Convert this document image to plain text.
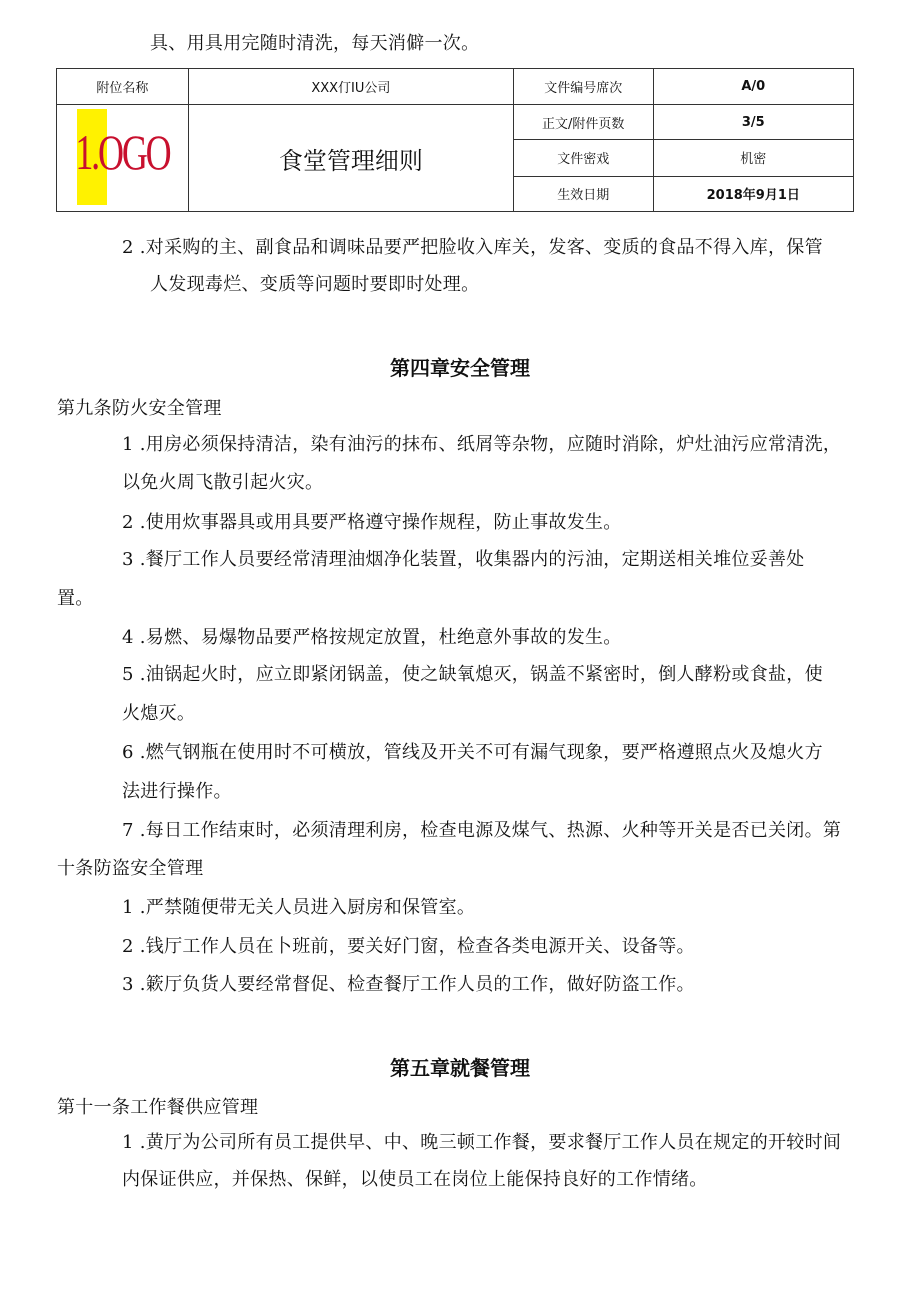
具、用具用完随时清洗，每天消僻一次。
附位名称	XXX仃IU公司	文件编号席次	A/0

1.OGO	食堂管理细则	正文/附件页数	3/5
		文件密戏	机密
		生效日期	2018年9月1日
2 .对采购的主、副食品和调味品要严把脸收入库关，发客、变质的食品不得入库，保管
人发现毒烂、变质等问题时要即时处理。
第四章安全管理
第九条防火安全管理
1 .用房必须保持清洁，染有油污的抹布、纸屑等杂物，应随时消除，炉灶油污应常清洗，
以免火周飞散引起火灾。
2 .使用炊事器具或用具要严格遵守操作规程，防止事故发生。
3 .餐厅工作人员要经常清理油烟净化装置，收集器内的污油，定期送相关堆位妥善处
置。
4 .易燃、易爆物品要严格按规定放置，杜绝意外事故的发生。
5 .油锅起火时，应立即紧闭锅盖，使之缺氧熄灭，锅盖不紧密时，倒人酵粉或食盐，使
火熄灭。
6 .燃气钢瓶在使用时不可横放，管线及开关不可有漏气现象，要严格遵照点火及熄火方
法进行操作。
7 .每日工作结束时，必须清理利房，检查电源及煤气、热源、火种等开关是否已关闭。第
十条防盗安全管理
1 .严禁随便带无关人员进入厨房和保管室。
2 .钱厅工作人员在卜班前，要关好门窗，检查各类电源开关、设备等。
3 .簌厅负货人要经常督促、检查餐厅工作人员的工作，做好防盗工作。
第五章就餐管理
第十一条工作餐供应管理
1 .黄厅为公司所有员工提供早、中、晚三顿工作餐，要求餐厅工作人员在规定的开较时间
内保证供应，并保热、保鲜，以使员工在岗位上能保持良好的工作情绪。
